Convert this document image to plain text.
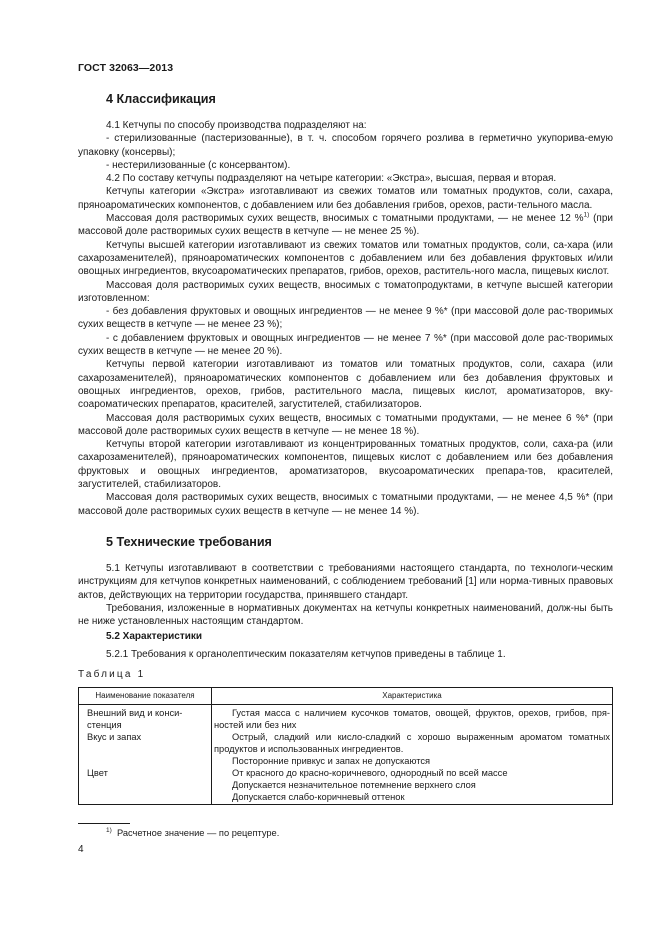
ГОСТ 32063—2013
4 Классификация

4.1 Кетчупы по способу производства подразделяют на:

- стерилизованные (пастеризованные), в т. ч. способом горячего розлива в герметично укупоривa-емую упаковку (консервы);

- нестерилизованные (с консервантом).

4.2 По составу кетчупы подразделяют на четыре категории: «Экстра», высшая, первая и вторая.

Кетчупы категории «Экстра» изготавливают из свежих томатов или томатных продуктов, соли, сахара, пряноароматических компонентов, с добавлением или без добавления грибов, орехов, расти-тельного масла.

Массовая доля растворимых сухих веществ, вносимых с томатными продуктами, — не менее 12 %$^{1)}$ (при массовой доле растворимых сухих веществ в кетчупе — не менее 25 %).

Кетчупы высшей категории изготавливают из свежих томатов или томатных продуктов, соли, са-хара (или сахарозаменителей), пряноароматических компонентов с добавлением или без добавления фруктовых и/или овощных ингредиентов, вкусоароматических препаратов, грибов, орехов, раститель-ного масла, пищевых кислот.

Массовая доля растворимых сухих веществ, вносимых с томатопродуктами, в кетчупе высшей категории изготовленном:

- без добавления фруктовых и овощных ингредиентов — не менее 9 %* (при массовой доле рас-творимых сухих веществ в кетчупе — не менее 23 %);

- с добавлением фруктовых и овощных ингредиентов — не менее 7 %* (при массовой доле рас-творимых сухих веществ в кетчупе — не менее 20 %).

Кетчупы первой категории изготавливают из томатов или томатных продуктов, соли, сахара (или сахарозаменителей), пряноароматических компонентов с добавлением или без добавления фруктовых и овощных ингредиентов, орехов, грибов, растительного масла, пищевых кислот, ароматизаторов, вку-соароматических препаратов, красителей, загустителей, стабилизаторов.

Массовая доля растворимых сухих веществ, вносимых с томатными продуктами, — не менее 6 %* (при массовой доле растворимых сухих веществ в кетчупе — не менее 18 %).

Кетчупы второй категории изготавливают из концентрированных томатных продуктов, соли, саха-ра (или сахарозаменителей), пряноароматических компонентов, пищевых кислот с добавлением или без добавления фруктовых и овощных ингредиентов, ароматизаторов, вкусоароматических препара-тов, красителей, загустителей, стабилизаторов.

Массовая доля растворимых сухих веществ, вносимых с томатными продуктами, — не менее 4,5 %* (при массовой доле растворимых сухих веществ в кетчупе — не менее 14 %).

5 Технические требования

5.1 Кетчупы изготавливают в соответствии с требованиями настоящего стандарта, по технологи-ческим инструкциям для кетчупов конкретных наименований, с соблюдением требований [1] или норма-тивных правовых актов, действующих на территории государства, принявшего стандарт.

Требования, изложенные в нормативных документах на кетчупы конкретных наименований, долж-ны быть не ниже установленных настоящим стандартом.

5.2 Характеристики

5.2.1 Требования к органолептическим показателям кетчупов приведены в таблице 1.

Таблица 1

Наименование показателя	Характеристика
Внешний вид и конси-стенция	Густая масса с наличием кусочков томатов, овощей, фруктов, орехов, грибов, пря-ностей или без них

Вкус и запах	Острый, сладкий или кисло-сладкий с хорошо выраженным ароматом томатных продуктов и использованных ингредиентов.
Посторонние привкус и запах не допускаются

Цвет	От красного до красно-коричневого, однородный по всей массе
Допускается незначительное потемнение верхнего слоя
Допускается слабо-коричневый оттенок
$^{1)}$ Расчетное значение — по рецептуре.
4
